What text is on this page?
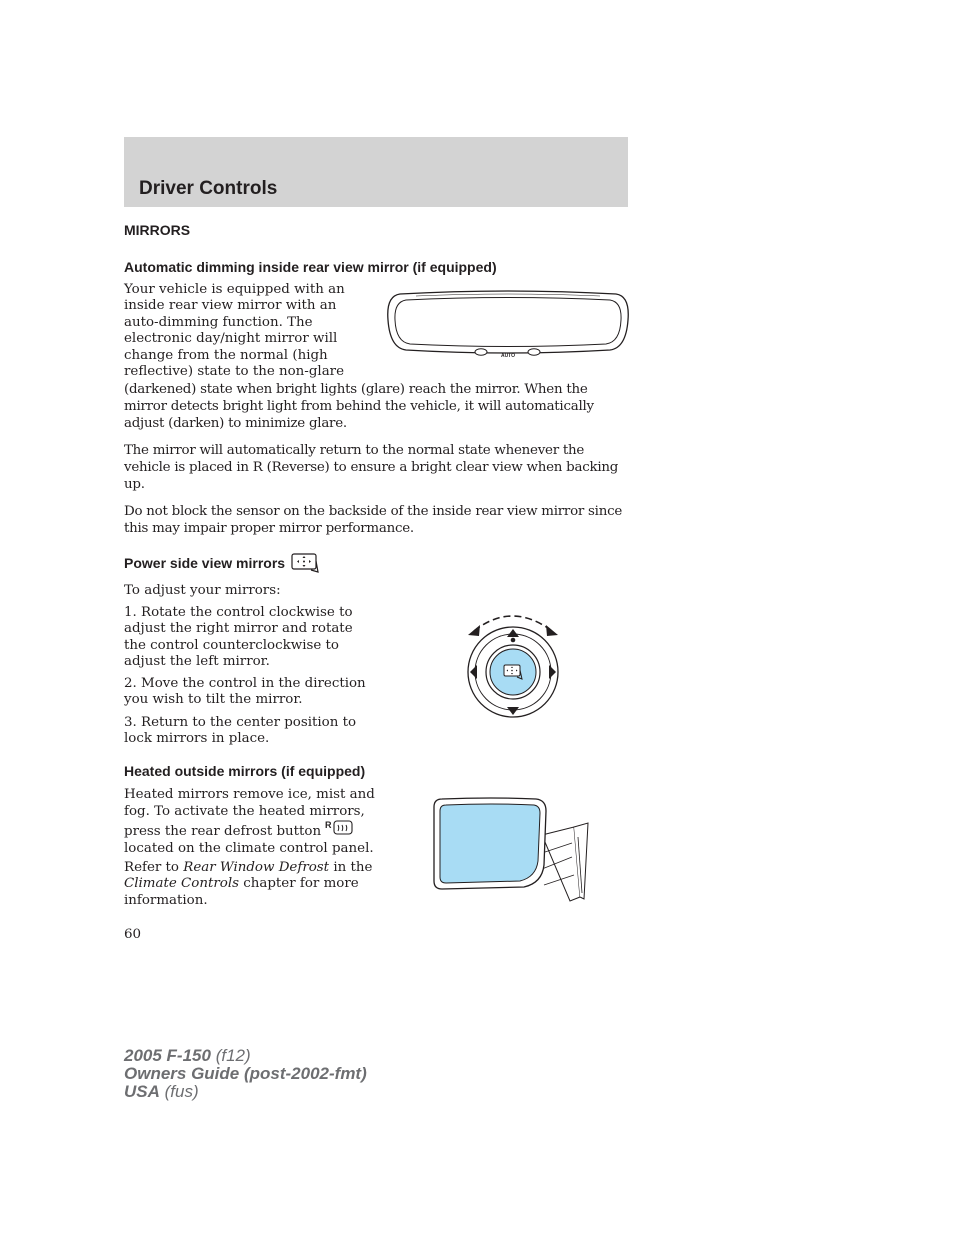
Driver Controls
MIRRORS
Automatic dimming inside rear view mirror (if equipped)
Your vehicle is equipped with an
inside rear view mirror with an
auto-dimming function. The
electronic day/night mirror will
change from the normal (high
reflective) state to the non-glare

(darkened) state when bright lights (glare) reach the mirror. When the mirror detects bright light from behind the vehicle, it will automatically adjust (darken) to minimize glare.

The mirror will automatically return to the normal state whenever the vehicle is placed in R (Reverse) to ensure a bright clear view when backing up.

Do not block the sensor on the backside of the inside rear view mirror since this may impair proper mirror performance.

AUTO
Power side view mirrors

To adjust your mirrors:

1. Rotate the control clockwise to adjust the right mirror and rotate the control counterclockwise to adjust the left mirror.

2. Move the control in the direction you wish to tilt the mirror.

3. Return to the center position to lock mirrors in place.

Heated outside mirrors (if equipped)

Heated mirrors remove ice, mist and fog. To activate the heated mirrors, press the rear defrost button R
located on the climate control panel.

Refer to Rear Window Defrost in the Climate Controls chapter for more information.

60
2005 F-150 (f12)
Owners Guide (post-2002-fmt)
USA (fus)
